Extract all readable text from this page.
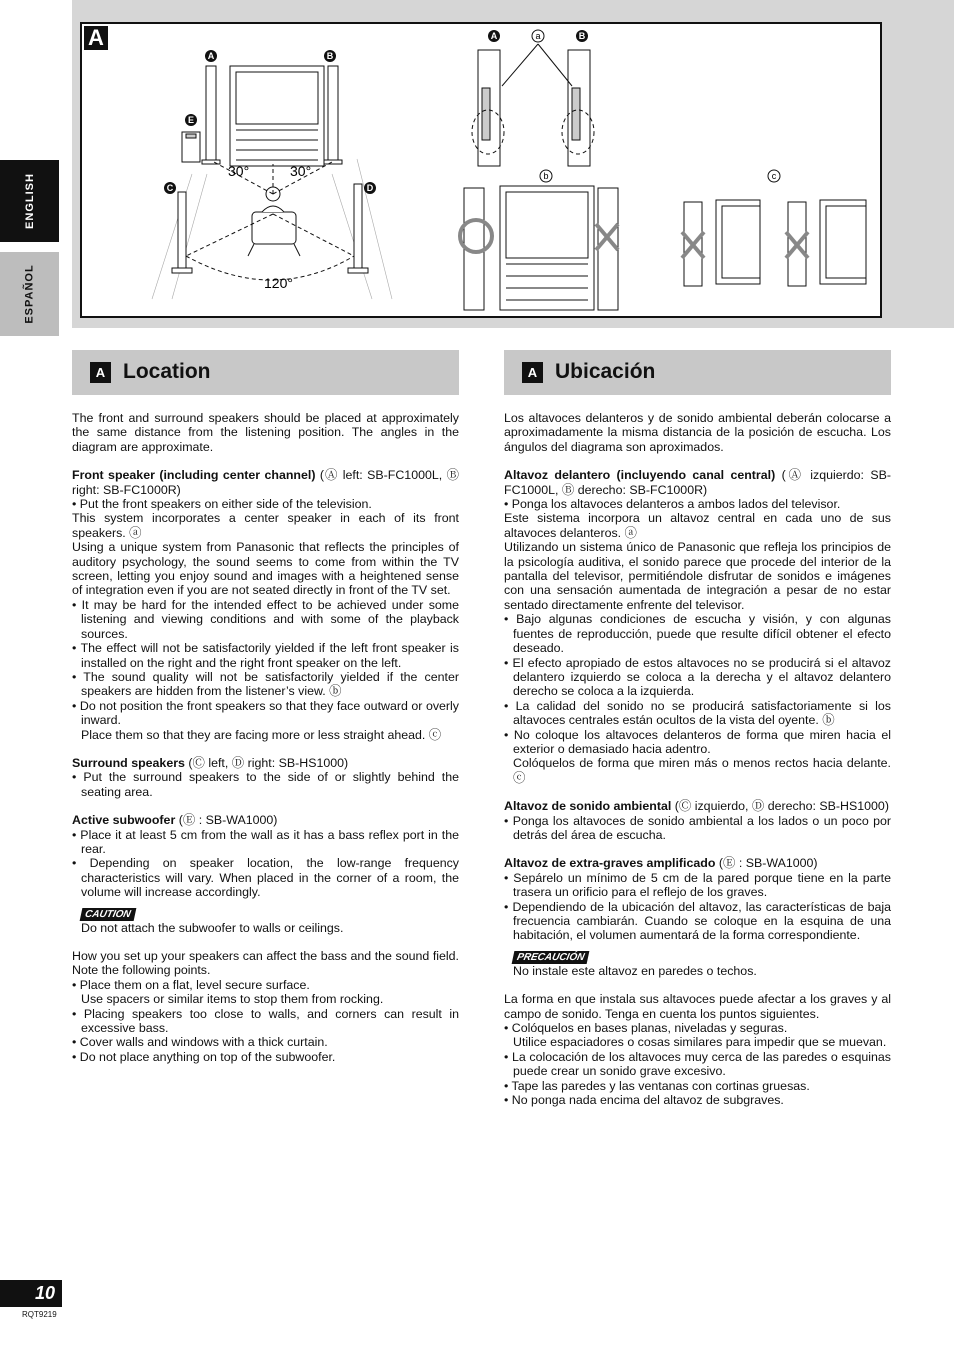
ENGLISH
ESPAÑOL
A
30°	30°
120°
A	B
C	D
E
A	B
a
b	c
A Location

The front and surround speakers should be placed at approximately the same distance from the listening position. The angles in the diagram are approximate.

Front speaker (including center channel) (Ⓐ left: SB-FC1000L, Ⓑ right: SB-FC1000R)

• Put the front speakers on either side of the television.

This system incorporates a center speaker in each of its front speakers. ⓐ

Using a unique system from Panasonic that reflects the principles of auditory psychology, the sound seems to come from within the TV screen, letting you enjoy sound and images with a heightened sense of integration even if you are not seated directly in front of the TV set.

• It may be hard for the intended effect to be achieved under some listening and viewing conditions and with some of the playback sources.

• The effect will not be satisfactorily yielded if the left front speaker is installed on the right and the right front speaker on the left.

• The sound quality will not be satisfactorily yielded if the center speakers are hidden from the listener’s view. ⓑ

• Do not position the front speakers so that they face outward or overly inward.

Place them so that they are facing more or less straight ahead. ⓒ

Surround speakers (Ⓒ left, Ⓓ right: SB-HS1000)

• Put the surround speakers to the side of or slightly behind the seating area.

Active subwoofer (Ⓔ : SB-WA1000)

• Place it at least 5 cm from the wall as it has a bass reflex port in the rear.

• Depending on speaker location, the low-range frequency characteristics will vary. When placed in the corner of a room, the volume will increase accordingly.

CAUTION

Do not attach the subwoofer to walls or ceilings.

How you set up your speakers can affect the bass and the sound field. Note the following points.

• Place them on a flat, level secure surface.

Use spacers or similar items to stop them from rocking.

• Placing speakers too close to walls, and corners can result in excessive bass.

• Cover walls and windows with a thick curtain.

• Do not place anything on top of the subwoofer.

A Ubicación

Los altavoces delanteros y de sonido ambiental deberán colocarse a aproximadamente la misma distancia de la posición de escucha. Los ángulos del diagrama son aproximados.

Altavoz delantero (incluyendo canal central) (Ⓐ izquierdo: SB-FC1000L, Ⓑ derecho: SB-FC1000R)

• Ponga los altavoces delanteros a ambos lados del televisor.

Este sistema incorpora un altavoz central en cada uno de sus altavoces delanteros. ⓐ

Utilizando un sistema único de Panasonic que refleja los principios de la psicología auditiva, el sonido parece que procede del interior de la pantalla del televisor, permitiéndole disfrutar de sonidos e imágenes con una sensación aumentada de integración a pesar de no estar sentado directamente enfrente del televisor.

• Bajo algunas condiciones de escucha y visión, y con algunas fuentes de reproducción, puede que resulte difícil obtener el efecto deseado.

• El efecto apropiado de estos altavoces no se producirá si el altavoz delantero izquierdo se coloca a la derecha y el altavoz delantero derecho se coloca a la izquierda.

• La calidad del sonido no se producirá satisfactoriamente si los altavoces centrales están ocultos de la vista del oyente. ⓑ

• No coloque los altavoces delanteros de forma que miren hacia el exterior o demasiado hacia adentro.

Colóquelos de forma que miren más o menos rectos hacia delante. ⓒ

Altavoz de sonido ambiental (Ⓒ izquierdo, Ⓓ derecho: SB-HS1000)

• Ponga los altavoces de sonido ambiental a los lados o un poco por detrás del área de escucha.

Altavoz de extra-graves amplificado (Ⓔ : SB-WA1000)

• Sepárelo un mínimo de 5 cm de la pared porque tiene en la parte trasera un orificio para el reflejo de los graves.

• Dependiendo de la ubicación del altavoz, las características de baja frecuencia cambiarán. Cuando se coloque en la esquina de una habitación, el volumen aumentará de la forma correspondiente.

PRECAUCIÓN

No instale este altavoz en paredes o techos.

La forma en que instala sus altavoces puede afectar a los graves y al campo de sonido. Tenga en cuenta los puntos siguientes.

• Colóquelos en bases planas, niveladas y seguras.

Utilice espaciadores o cosas similares para impedir que se muevan.

• La colocación de los altavoces muy cerca de las paredes o esquinas puede crear un sonido grave excesivo.

• Tape las paredes y las ventanas con cortinas gruesas.

• No ponga nada encima del altavoz de subgraves.

10
RQT9219
